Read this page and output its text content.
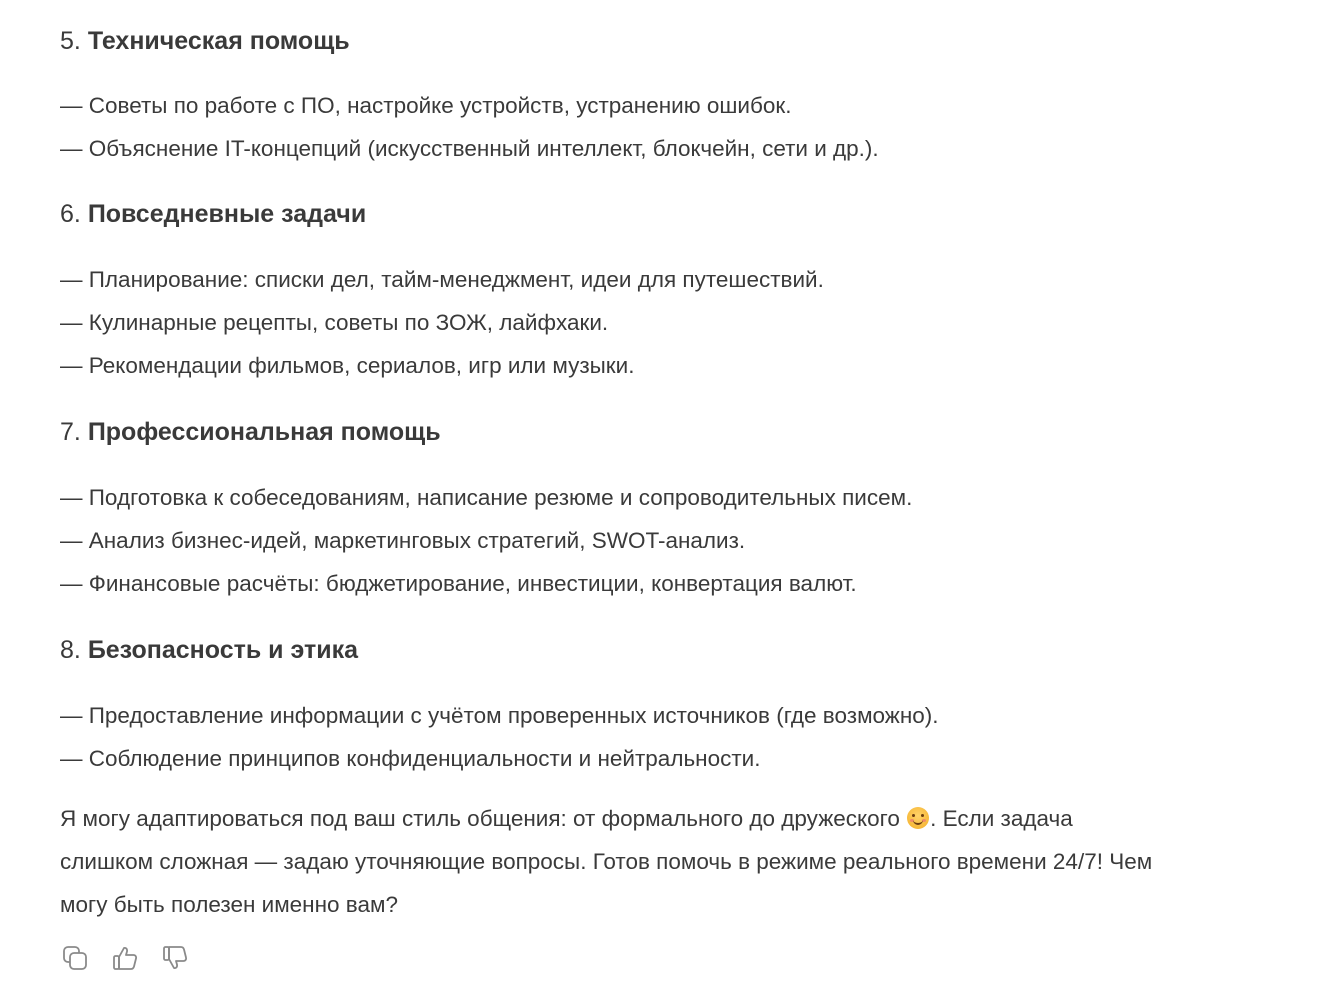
5. Техническая помощь

— Советы по работе с ПО, настройке устройств, устранению ошибок.

— Объяснение IT-концепций (искусственный интеллект, блокчейн, сети и др.).

6. Повседневные задачи

— Планирование: списки дел, тайм-менеджмент, идеи для путешествий.

— Кулинарные рецепты, советы по ЗОЖ, лайфхаки.

— Рекомендации фильмов, сериалов, игр или музыки.

7. Профессиональная помощь

— Подготовка к собеседованиям, написание резюме и сопроводительных писем.

— Анализ бизнес-идей, маркетинговых стратегий, SWOT-анализ.

— Финансовые расчёты: бюджетирование, инвестиции, конвертация валют.

8. Безопасность и этика

— Предоставление информации с учётом проверенных источников (где возможно).

— Соблюдение принципов конфиденциальности и нейтральности.

Я могу адаптироваться под ваш стиль общения: от формального до дружеского
. Если задача слишком сложная — задаю уточняющие вопросы. Готов помочь в режиме реального времени 24/7! Чем могу быть полезен именно вам?
